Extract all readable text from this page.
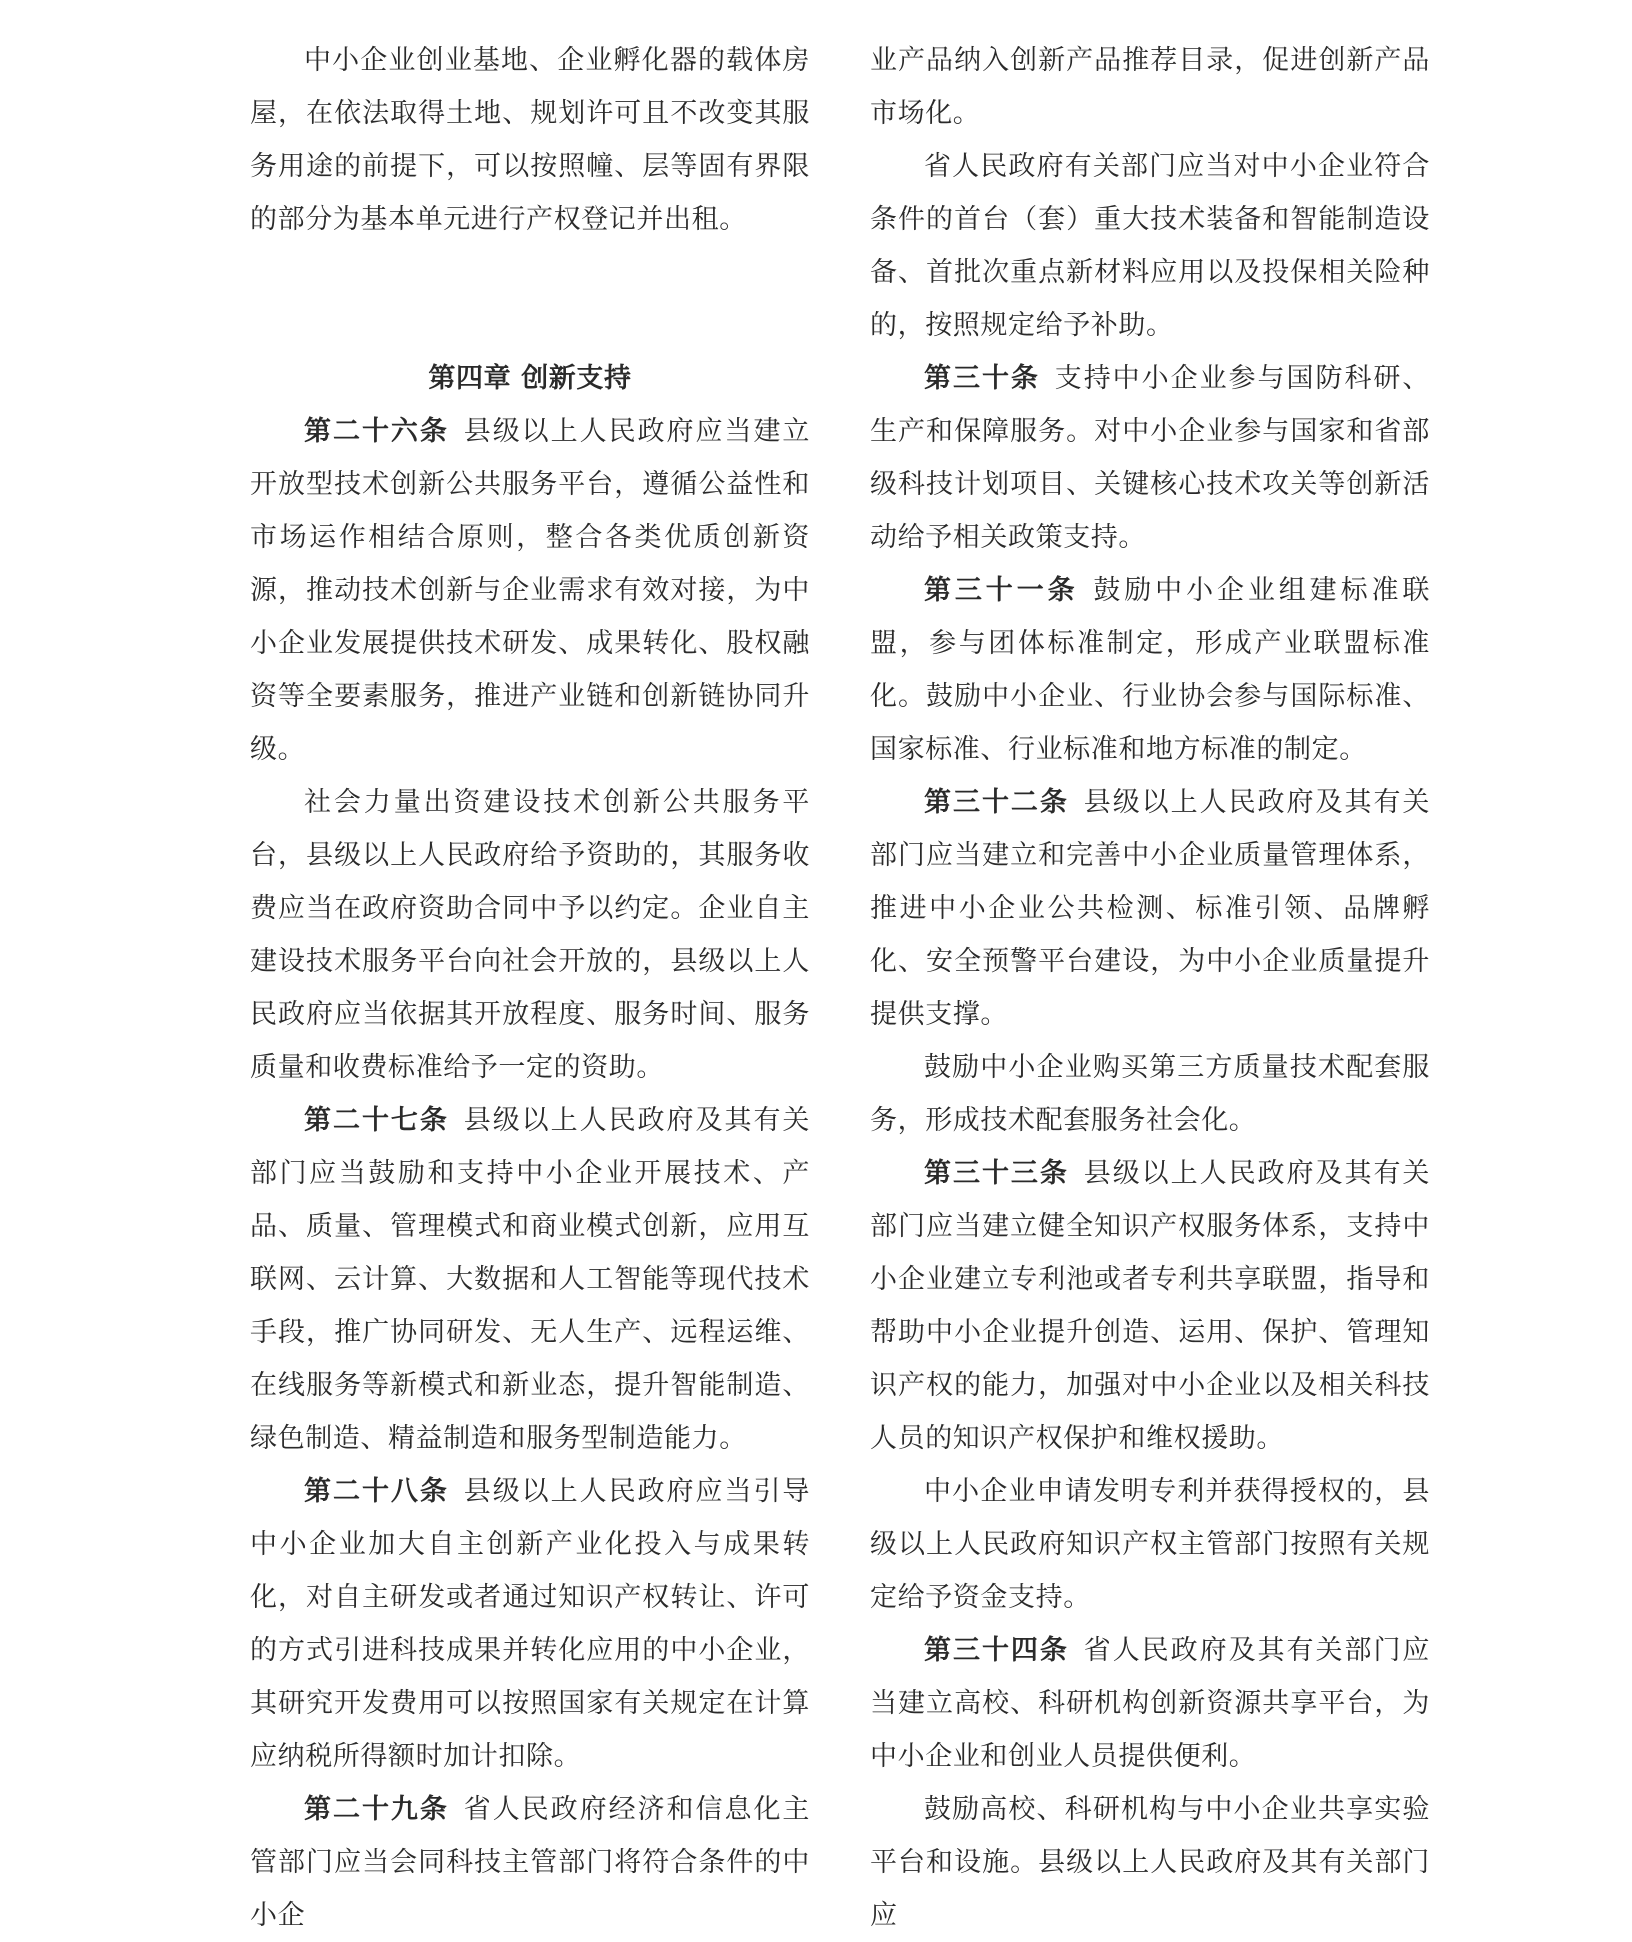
中小企业创业基地、企业孵化器的载体房屋，在依法取得土地、规划许可且不改变其服务用途的前提下，可以按照幢、层等固有界限的部分为基本单元进行产权登记并出租。

第四章 创新支持

第二十六条 县级以上人民政府应当建立开放型技术创新公共服务平台，遵循公益性和市场运作相结合原则，整合各类优质创新资源，推动技术创新与企业需求有效对接，为中小企业发展提供技术研发、成果转化、股权融资等全要素服务，推进产业链和创新链协同升级。

社会力量出资建设技术创新公共服务平台，县级以上人民政府给予资助的，其服务收费应当在政府资助合同中予以约定。企业自主建设技术服务平台向社会开放的，县级以上人民政府应当依据其开放程度、服务时间、服务质量和收费标准给予一定的资助。

第二十七条 县级以上人民政府及其有关部门应当鼓励和支持中小企业开展技术、产品、质量、管理模式和商业模式创新，应用互联网、云计算、大数据和人工智能等现代技术手段，推广协同研发、无人生产、远程运维、在线服务等新模式和新业态，提升智能制造、绿色制造、精益制造和服务型制造能力。

第二十八条 县级以上人民政府应当引导中小企业加大自主创新产业化投入与成果转化，对自主研发或者通过知识产权转让、许可的方式引进科技成果并转化应用的中小企业，其研究开发费用可以按照国家有关规定在计算应纳税所得额时加计扣除。

第二十九条 省人民政府经济和信息化主管部门应当会同科技主管部门将符合条件的中小企

业产品纳入创新产品推荐目录，促进创新产品市场化。

省人民政府有关部门应当对中小企业符合条件的首台（套）重大技术装备和智能制造设备、首批次重点新材料应用以及投保相关险种的，按照规定给予补助。

第三十条 支持中小企业参与国防科研、生产和保障服务。对中小企业参与国家和省部级科技计划项目、关键核心技术攻关等创新活动给予相关政策支持。

第三十一条 鼓励中小企业组建标准联盟，参与团体标准制定，形成产业联盟标准化。鼓励中小企业、行业协会参与国际标准、国家标准、行业标准和地方标准的制定。

第三十二条 县级以上人民政府及其有关部门应当建立和完善中小企业质量管理体系，推进中小企业公共检测、标准引领、品牌孵化、安全预警平台建设，为中小企业质量提升提供支撑。

鼓励中小企业购买第三方质量技术配套服务，形成技术配套服务社会化。

第三十三条 县级以上人民政府及其有关部门应当建立健全知识产权服务体系，支持中小企业建立专利池或者专利共享联盟，指导和帮助中小企业提升创造、运用、保护、管理知识产权的能力，加强对中小企业以及相关科技人员的知识产权保护和维权援助。

中小企业申请发明专利并获得授权的，县级以上人民政府知识产权主管部门按照有关规定给予资金支持。

第三十四条 省人民政府及其有关部门应当建立高校、科研机构创新资源共享平台，为中小企业和创业人员提供便利。

鼓励高校、科研机构与中小企业共享实验平台和设施。县级以上人民政府及其有关部门应
